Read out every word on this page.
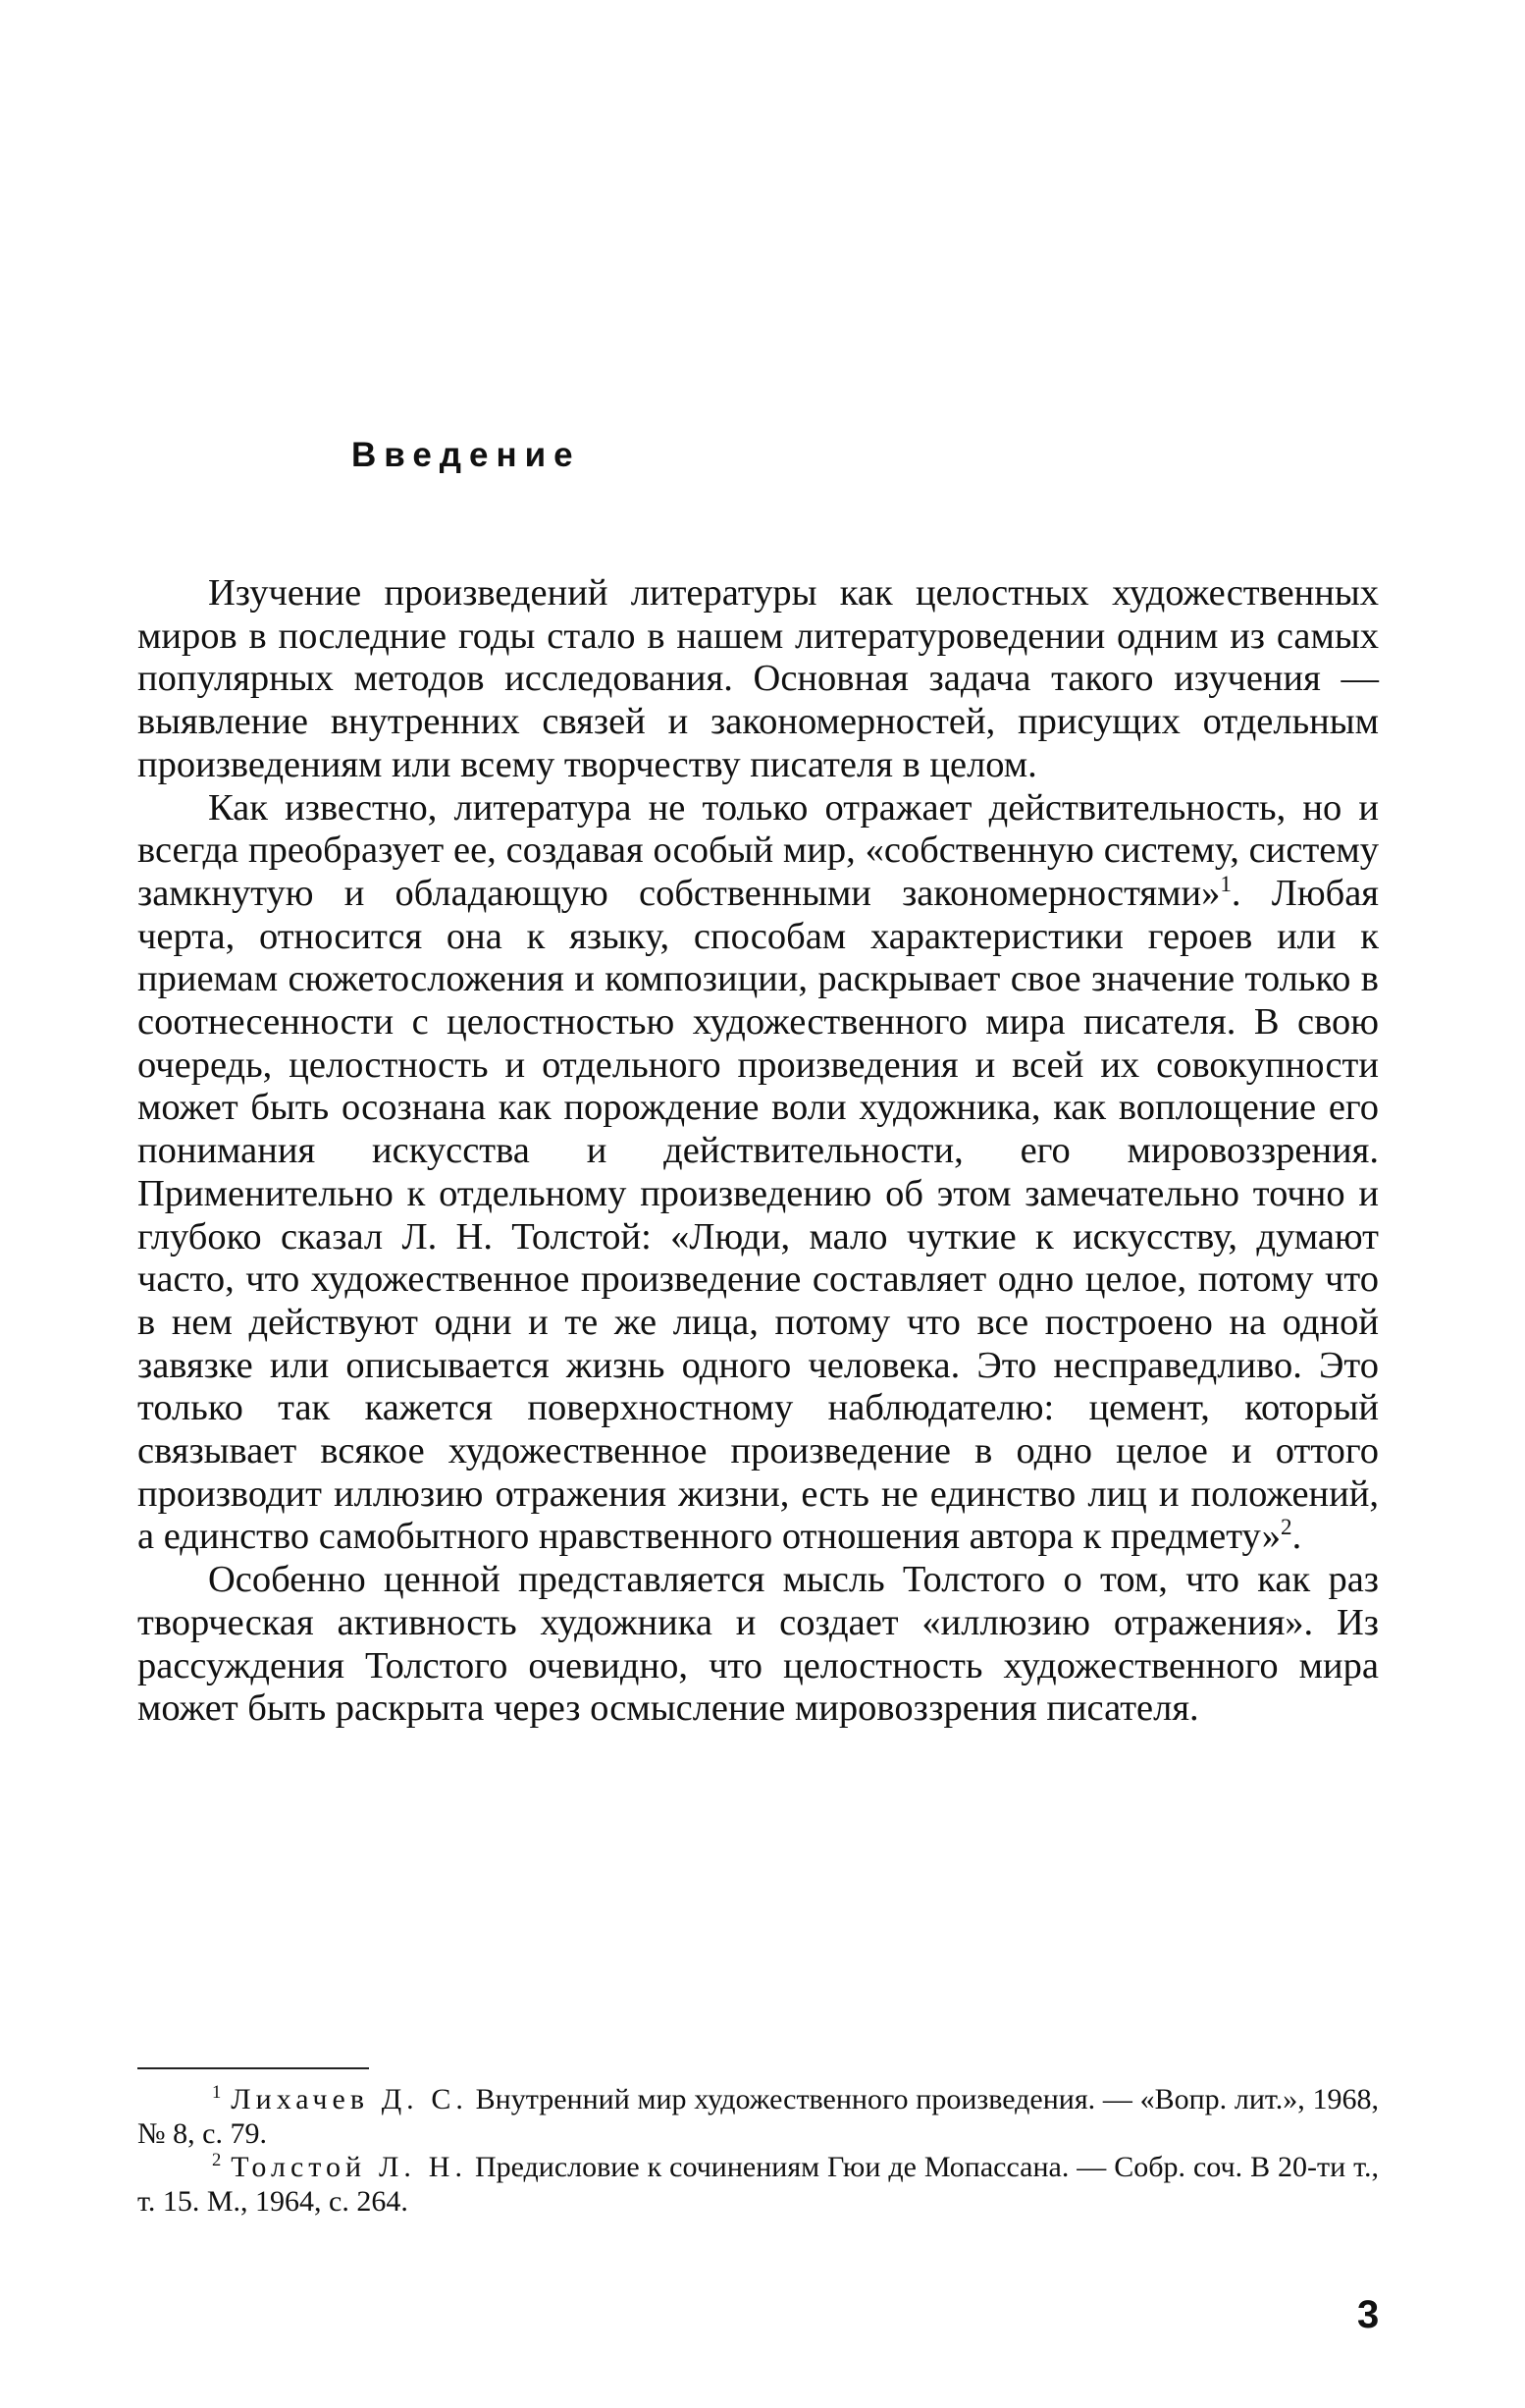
Введение

Изучение произведений литературы как целостных художественных миров в последние годы стало в нашем литературоведении одним из самых популярных методов исследования. Основная задача такого изучения — выявление внутренних связей и закономерностей, присущих отдельным произведениям или всему творчеству писателя в целом.

Как известно, литература не только отражает действительность, но и всегда преобразует ее, создавая особый мир, «собственную систему, систему замкнутую и обладающую собственными закономерностями»$^1$. Любая черта, относится она к языку, способам характеристики героев или к приемам сюжетосложения и композиции, раскрывает свое значение только в соотнесенности с целостностью художественного мира писателя. В свою очередь, целостность и отдельного произведения и всей их совокупности может быть осознана как порождение воли художника, как воплощение его понимания искусства и действительности, его мировоззрения. Применительно к отдельному произведению об этом замечательно точно и глубоко сказал Л. Н. Толстой: «Люди, мало чуткие к искусству, думают часто, что художественное произведение составляет одно целое, потому что в нем действуют одни и те же лица, потому что все построено на одной завязке или описывается жизнь одного человека. Это несправедливо. Это только так кажется поверхностному наблюдателю: цемент, который связывает всякое художественное произведение в одно целое и оттого производит иллюзию отражения жизни, есть не единство лиц и положений, а единство самобытного нравственного отношения автора к предмету»$^2$.

Особенно ценной представляется мысль Толстого о том, что как раз творческая активность художника и создает «иллюзию отражения». Из рассуждения Толстого очевидно, что целостность художественного мира может быть раскрыта через осмысление мировоззрения писателя.

$^1$ Лихачев Д. С. Внутренний мир художественного произведения. — «Вопр. лит.», 1968, № 8, с. 79.

$^2$ Толстой Л. Н. Предисловие к сочинениям Гюи де Мопассана. — Собр. соч. В 20-ти т., т. 15. М., 1964, с. 264.

3
